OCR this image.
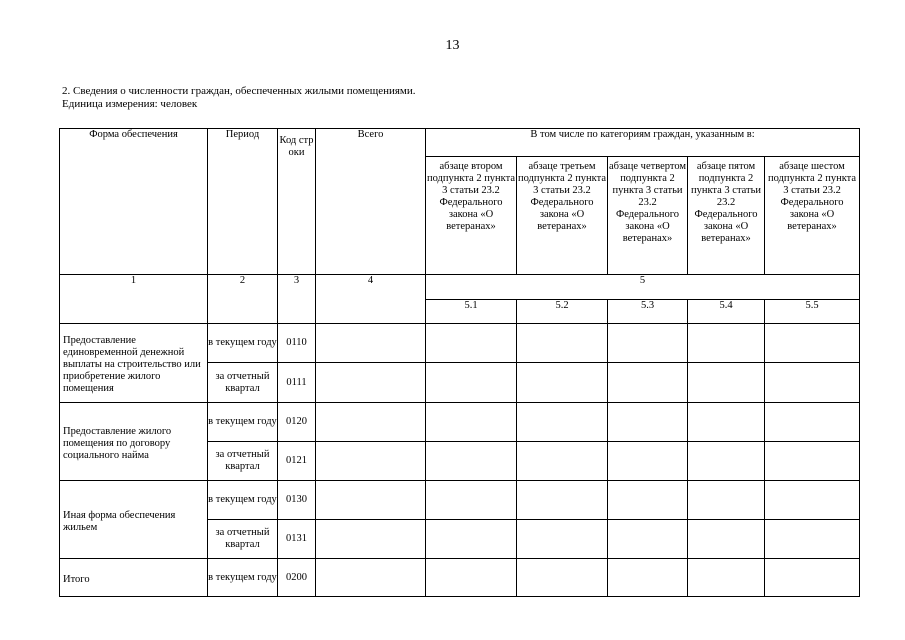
13
2. Сведения о численности граждан, обеспеченных жилыми помещениями.
Единица измерения: человек
Форма обеспечения	Период	Код строки	Всего	В том числе по категориям граждан, указанным в:				
				абзаце втором подпункта 2 пункта 3 статьи 23.2 Федерального закона «О ветеранах»	абзаце третьем подпункта 2 пункта 3 статьи 23.2 Федерального закона «О ветеранах»	абзаце четвертом подпункта 2 пункта 3 статьи 23.2 Федерального закона «О ветеранах»	абзаце пятом подпункта 2 пункта 3 статьи 23.2 Федерального закона «О ветеранах»	абзаце шестом подпункта 2 пункта 3 статьи 23.2 Федерального закона «О ветеранах»
1	2	3	4	5				
				5.1	5.2	5.3	5.4	5.5
Предоставление единовременной денежной выплаты на строительство или приобретение жилого помещения	в текущем году	0110						
	за отчетный квартал	0111						
Предоставление жилого помещения по договору социального найма	в текущем году	0120						
	за отчетный квартал	0121						
Иная форма обеспечения жильем	в текущем году	0130						
	за отчетный квартал	0131						
Итого	в текущем году	0200						
